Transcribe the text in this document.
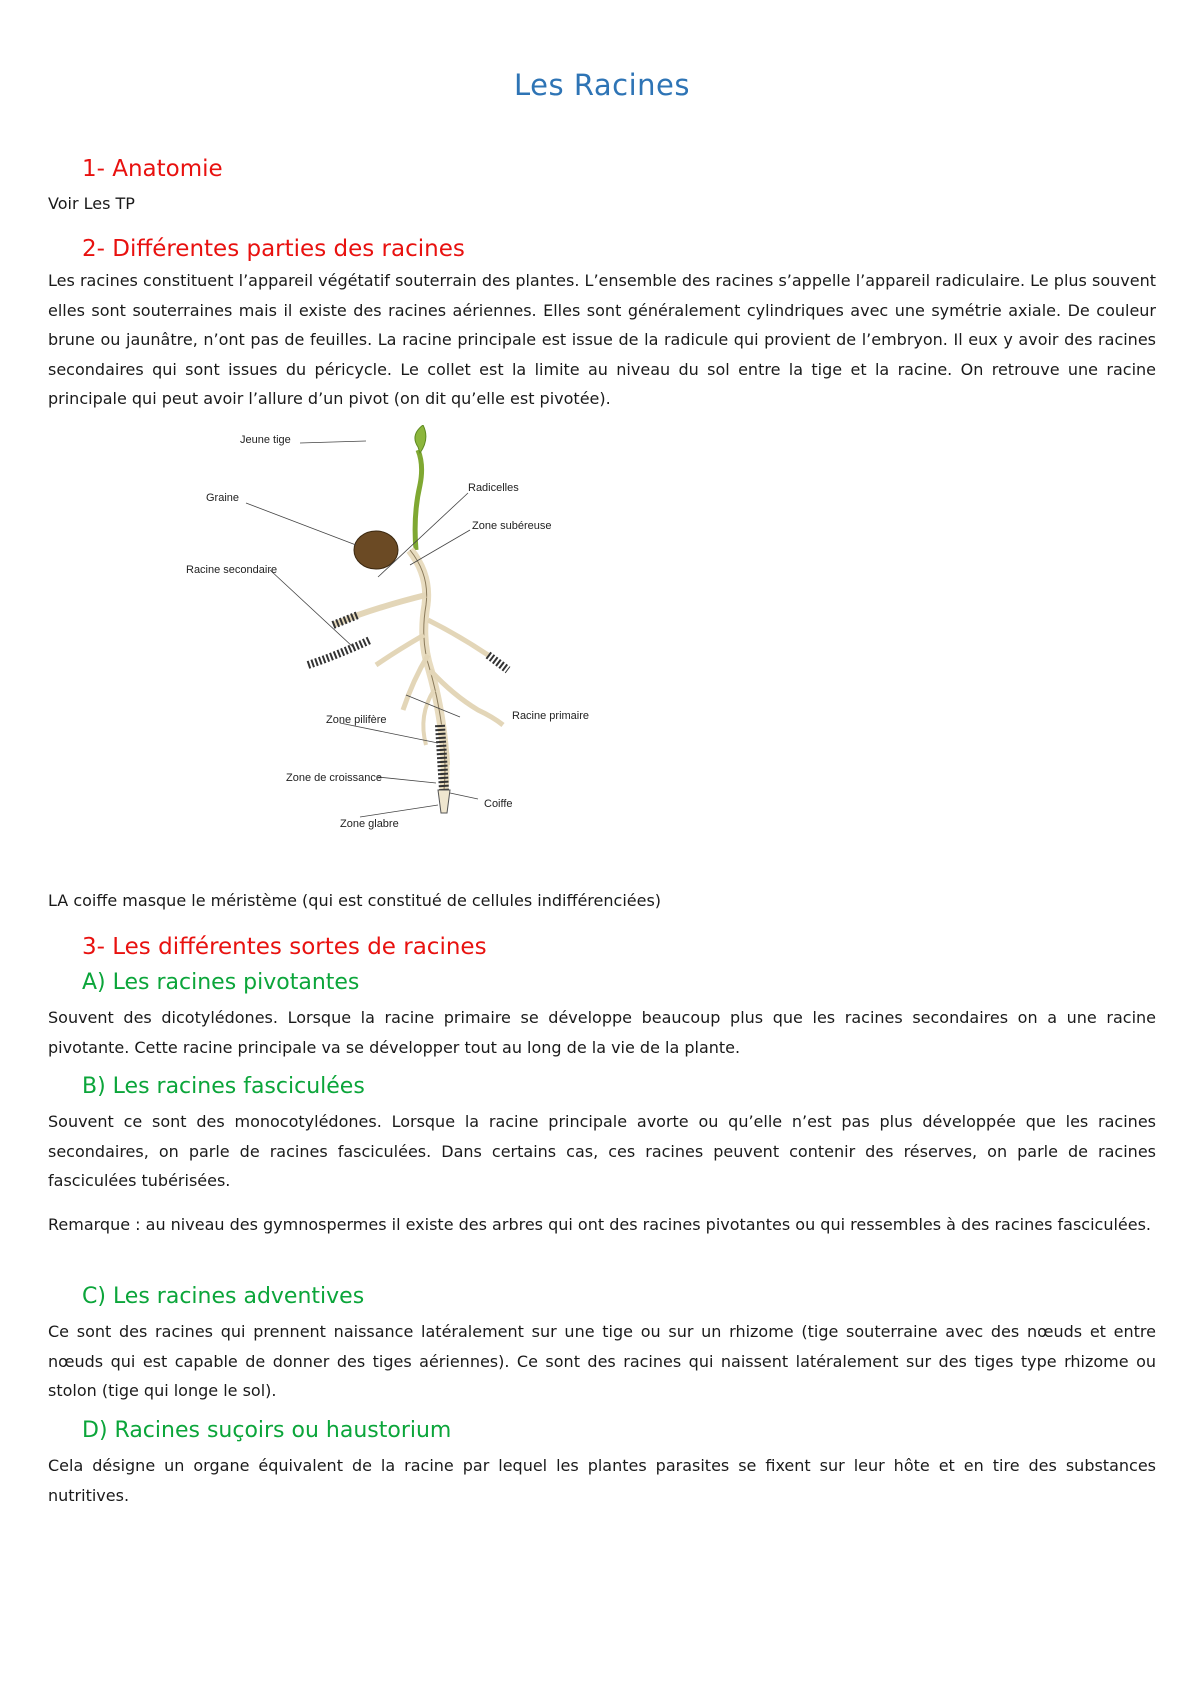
Les Racines
1- Anatomie

Voir Les TP

2- Différentes parties des racines

Les racines constituent l’appareil végétatif souterrain des plantes. L’ensemble des racines s’appelle l’appareil radiculaire. Le plus souvent elles sont souterraines mais il existe des racines aériennes. Elles sont généralement cylindriques avec une symétrie axiale. De couleur brune ou jaunâtre, n’ont pas de feuilles. La racine principale est issue de la radicule qui provient de l’embryon. Il eux y avoir des racines secondaires qui sont issues du péricycle. Le collet est la limite au niveau du sol entre la tige et la racine. On retrouve une racine principale qui peut avoir l’allure d’un pivot (on dit qu’elle est pivotée).

Jeune tige
Graine
Radicelles
Zone subéreuse
Racine secondaire
Racine primaire
Zone pilifère
Zone de croissance
Coiffe
Zone glabre

LA coiffe masque le méristème (qui est constitué de cellules indifférenciées)

3- Les différentes sortes de racines
A) Les racines pivotantes

Souvent des dicotylédones. Lorsque la racine primaire se développe beaucoup plus que les racines secondaires on a une racine pivotante. Cette racine principale va se développer tout au long de la vie de la plante.

B) Les racines fasciculées

Souvent ce sont des monocotylédones. Lorsque la racine principale avorte ou qu’elle n’est pas plus développée que les racines secondaires, on parle de racines fasciculées. Dans certains cas, ces racines peuvent contenir des réserves, on parle de racines fasciculées tubérisées.

Remarque : au niveau des gymnospermes il existe des arbres qui ont des racines pivotantes ou qui ressembles à des racines fasciculées.

C) Les racines adventives

Ce sont des racines qui prennent naissance latéralement sur une tige ou sur un rhizome (tige souterraine avec des nœuds et entre nœuds qui est capable de donner des tiges aériennes). Ce sont des racines qui naissent latéralement sur des tiges type rhizome ou stolon (tige qui longe le sol).

D) Racines suçoirs ou haustorium

Cela désigne un organe équivalent de la racine par lequel les plantes parasites se fixent sur leur hôte et en tire des substances nutritives.
